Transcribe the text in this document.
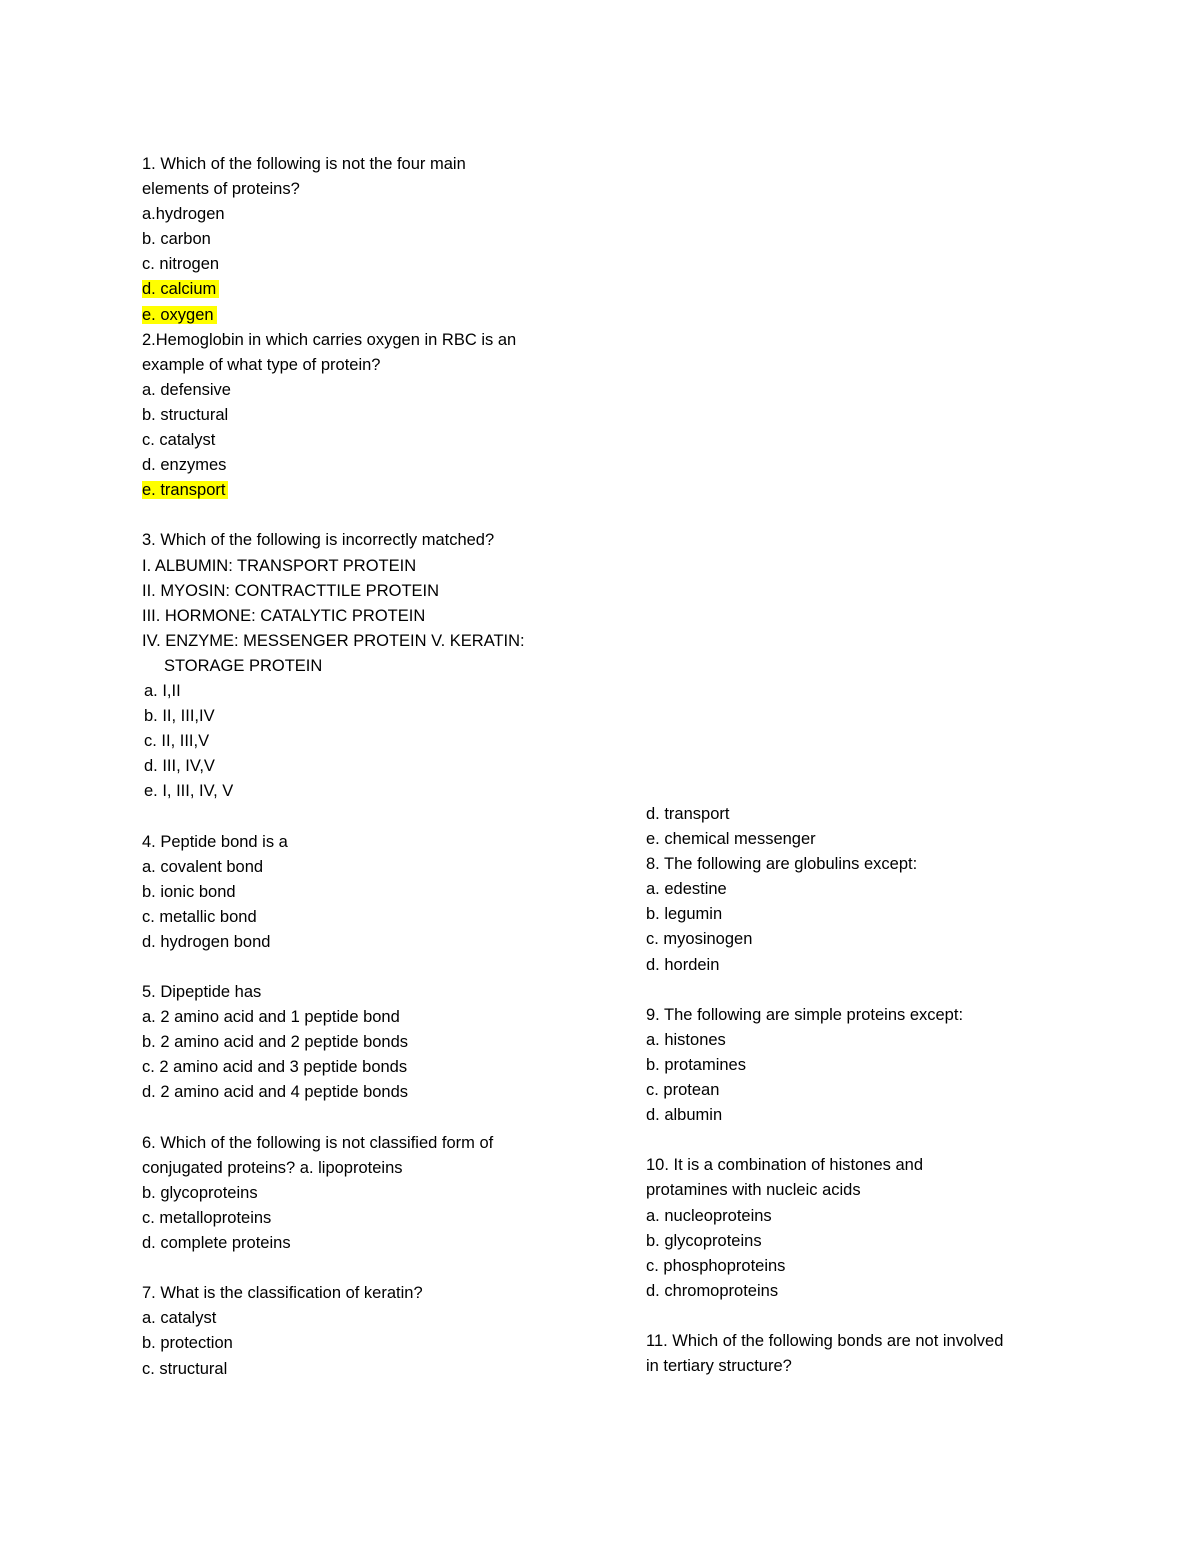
1. Which of the following is not the four main
elements of proteins?
a.hydrogen
b. carbon
c. nitrogen
d. calcium
e. oxygen
2.Hemoglobin in which carries oxygen in RBC is an
example of what type of protein?
a. defensive
b. structural
c. catalyst
d. enzymes
e. transport
3. Which of the following is incorrectly matched?
I. ALBUMIN: TRANSPORT PROTEIN
II. MYOSIN: CONTRACTTILE PROTEIN
III. HORMONE: CATALYTIC PROTEIN
IV. ENZYME: MESSENGER PROTEIN V. KERATIN:
STORAGE PROTEIN
a. I,II
b. II, III,IV
c. II, III,V
d. III, IV,V
e. I, III, IV, V
4. Peptide bond is a
a. covalent bond
b. ionic bond
c. metallic bond
d. hydrogen bond
5. Dipeptide has
a. 2 amino acid and 1 peptide bond
b. 2 amino acid and 2 peptide bonds
c. 2 amino acid and 3 peptide bonds
d. 2 amino acid and 4 peptide bonds
6. Which of the following is not classified form of
conjugated proteins? a. lipoproteins
b. glycoproteins
c. metalloproteins
d. complete proteins
7. What is the classification of keratin?
a. catalyst
b. protection
c. structural
d. transport
e. chemical messenger
8. The following are globulins except:
a. edestine
b. legumin
c. myosinogen
d. hordein
9. The following are simple proteins except:
a. histones
b. protamines
c. protean
d. albumin
10. It is a combination of histones and
protamines with nucleic acids
a. nucleoproteins
b. glycoproteins
c. phosphoproteins
d. chromoproteins
11. Which of the following bonds are not involved
in tertiary structure?
